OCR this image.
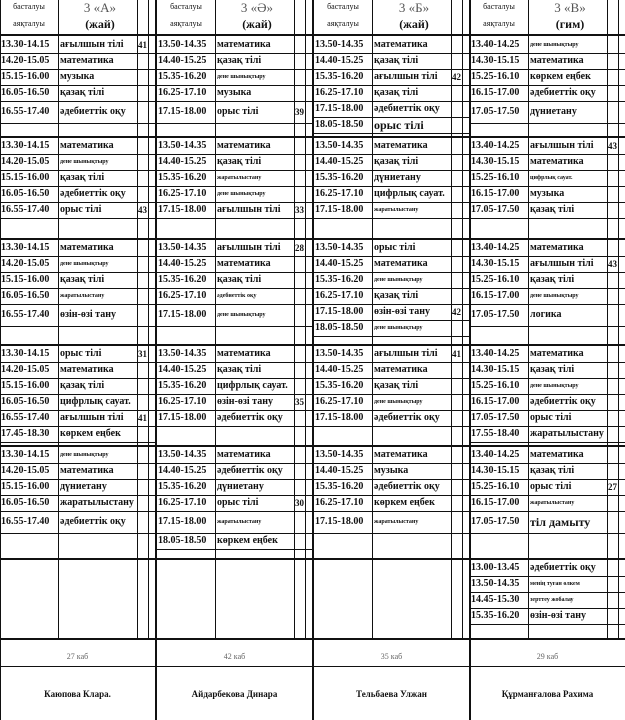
басталуы
аяқталуы
3 «А»
(жай)
басталуы
аяқталуы
3 «Ә»
(жай)
басталуы
аяқталуы
3 «Б»
(жай)
басталуы
аяқталуы
3 «В»
(гим)
13.30-14.15	ағылшын тілі	41
14.20-15.05	математика
15.15-16.00	музыка
16.05-16.50	қазақ тілі
16.55-17.40	әдебиеттік оқу
13.30-14.15	математика
14.20-15.05	дене шынықтыру
15.15-16.00	қазақ тілі
16.05-16.50	әдебиеттік оқу
16.55-17.40	орыс тілі	43
13.30-14.15	математика
14.20-15.05	дене шынықтыру
15.15-16.00	қазақ тілі
16.05-16.50	жаратылыстану
16.55-17.40	өзін-өзі тану
13.30-14.15	орыс тілі	31
14.20-15.05	математика
15.15-16.00	қазақ тілі
16.05-16.50	цифрлық сауат.
16.55-17.40	ағылшын тілі	41
17.45-18.30	көркем еңбек
13.30-14.15	дене шынықтыру
14.20-15.05	математика
15.15-16.00	дүниетану
16.05-16.50	жаратылыстану
16.55-17.40	әдебиеттік оқу
27 каб
Каюпова Клара.
13.50-14.35	математика
14.40-15.25	қазақ тілі
15.35-16.20	дене шынықтыру
16.25-17.10	музыка
17.15-18.00	орыс тілі	39
13.50-14.35	математика
14.40-15.25	қазақ тілі
15.35-16.20	жаратылыстану
16.25-17.10	дене шынықтыру
17.15-18.00	ағылшын тілі	33
13.50-14.35	ағылшын тілі	28
14.40-15.25	математика
15.35-16.20	қазақ тілі
16.25-17.10	әдебиеттік оқу
17.15-18.00	дене шынықтыру
13.50-14.35	математика
14.40-15.25	қазақ тілі
15.35-16.20	цифрлық сауат.
16.25-17.10	өзін-өзі тану	35
17.15-18.00	әдебиеттік оқу
13.50-14.35	математика
14.40-15.25	әдебиеттік оқу
15.35-16.20	дүниетану
16.25-17.10	орыс тілі	30
17.15-18.00	жаратылыстану
18.05-18.50	көркем еңбек
42 каб
Айдарбекова Динара
13.50-14.35	математика
14.40-15.25	қазақ тілі
15.35-16.20	ағылшын тілі	42
16.25-17.10	қазақ тілі
17.15-18.00	әдебиеттік оқу
18.05-18.50 орыс тілі
13.50-14.35	математика
14.40-15.25	қазақ тілі
15.35-16.20	дүниетану
16.25-17.10	цифрлық сауат.
17.15-18.00	жаратылыстану
13.50-14.35	орыс тілі
14.40-15.25	математика
15.35-16.20	дене шынықтыру
16.25-17.10	қазақ тілі
17.15-18.00	өзін-өзі тану	42
18.05-18.50	дене шынықтыру
13.50-14.35	ағылшын тілі	41
14.40-15.25	математика
15.35-16.20	қазақ тілі
16.25-17.10	дене шынықтыру
17.15-18.00	әдебиеттік оқу
13.50-14.35	математика
14.40-15.25	музыка
15.35-16.20	әдебиеттік оқу
16.25-17.10	көркем еңбек
17.15-18.00	жаратылыстану
35 каб
Тельбаева Улжан
13.40-14.25	дене шынықтыру
14.30-15.15	математика
15.25-16.10	көркем еңбек
16.15-17.00	әдебиеттік оқу
17.05-17.50	дүниетану
13.40-14.25	ағылшын тілі	43
14.30-15.15	математика
15.25-16.10	цифрлық сауат.
16.15-17.00	музыка
17.05-17.50	қазақ тілі
13.40-14.25	математика
14.30-15.15	ағылшын тілі	43
15.25-16.10	қазақ тілі
16.15-17.00	дене шынықтыру
17.05-17.50	логика
13.40-14.25	математика
14.30-15.15	қазақ тілі
15.25-16.10	дене шынықтыру
16.15-17.00	әдебиеттік оқу
17.05-17.50	орыс тілі
17.55-18.40	жаратылыстану
13.40-14.25	математика
14.30-15.15	қазақ тілі
15.25-16.10	орыс тілі	27
16.15-17.00	жаратылыстану
17.05-17.50 тіл дамыту
13.00-13.45	әдебиеттік оқу
13.50-14.35	менің туған өлкем
14.45-15.30	зерттеу жобалау
15.35-16.20	өзін-өзі тану
29 каб
Құрманғалова Рахима
